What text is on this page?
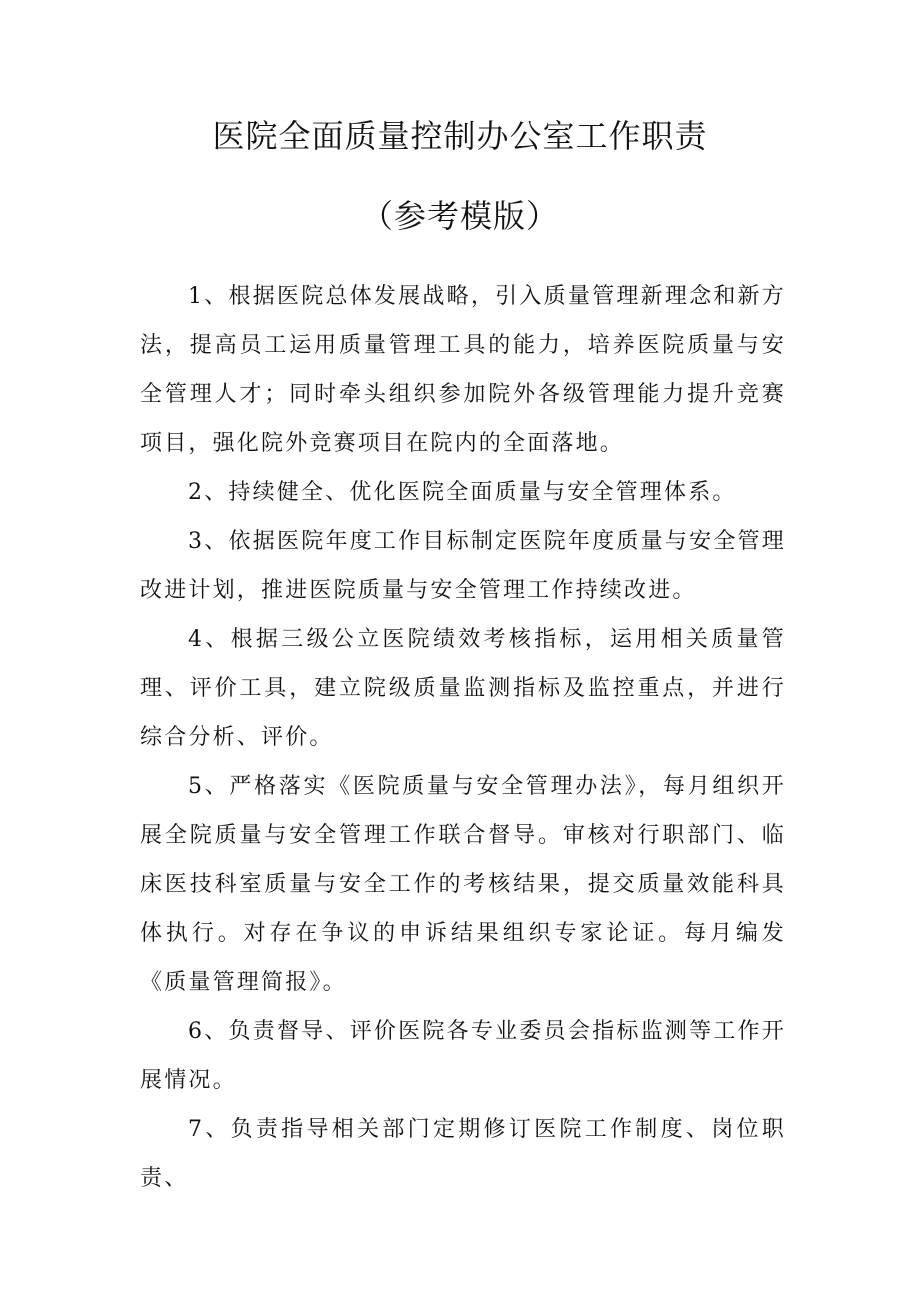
医院全面质量控制办公室工作职责
（参考模版）

1、根据医院总体发展战略，引入质量管理新理念和新方法，提高员工运用质量管理工具的能力，培养医院质量与安全管理人才；同时牵头组织参加院外各级管理能力提升竞赛项目，强化院外竞赛项目在院内的全面落地。

2、持续健全、优化医院全面质量与安全管理体系。

3、依据医院年度工作目标制定医院年度质量与安全管理改进计划，推进医院质量与安全管理工作持续改进。

4、根据三级公立医院绩效考核指标，运用相关质量管理、评价工具，建立院级质量监测指标及监控重点，并进行综合分析、评价。

5、严格落实《医院质量与安全管理办法》，每月组织开展全院质量与安全管理工作联合督导。审核对行职部门、临床医技科室质量与安全工作的考核结果，提交质量效能科具体执行。对存在争议的申诉结果组织专家论证。每月编发《质量管理简报》。

6、负责督导、评价医院各专业委员会指标监测等工作开展情况。

7、负责指导相关部门定期修订医院工作制度、岗位职责、
